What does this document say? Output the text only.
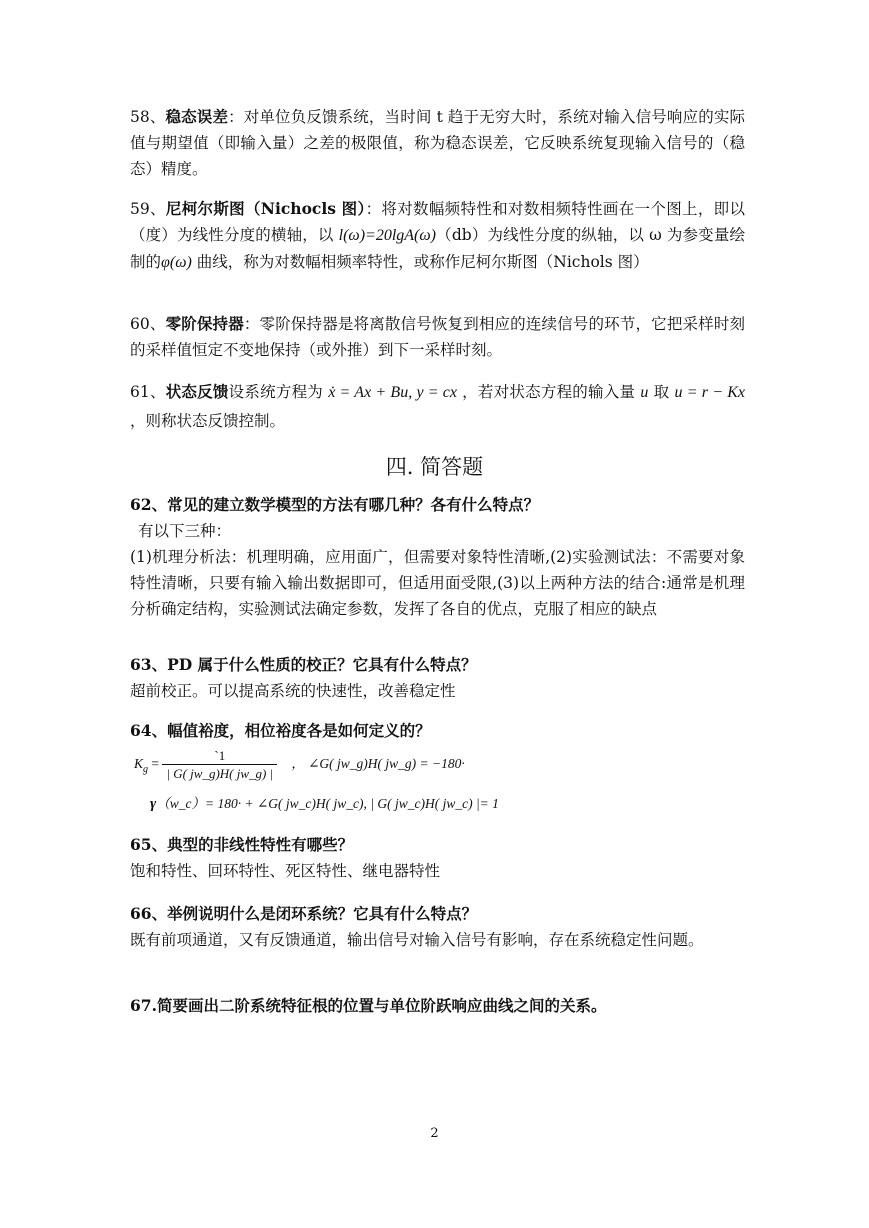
58、稳态误差：对单位负反馈系统，当时间 t 趋于无穷大时，系统对输入信号响应的实际值与期望值（即输入量）之差的极限值，称为稳态误差，它反映系统复现输入信号的（稳态）精度。
59、尼柯尔斯图（Nichocls 图）：将对数幅频特性和对数相频特性画在一个图上，即以（度）为线性分度的横轴，以 l(ω)=20lgA(ω)（db）为线性分度的纵轴，以 ω 为参变量绘制的φ(ω) 曲线，称为对数幅相频率特性，或称作尼柯尔斯图（Nichols 图）
60、零阶保持器：零阶保持器是将离散信号恢复到相应的连续信号的环节，它把采样时刻的采样值恒定不变地保持（或外推）到下一采样时刻。
61、状态反馈设系统方程为 ẋ = Ax + Bu, y = cx ，若对状态方程的输入量 u 取 u = r − Kx ，则称状态反馈控制。
四. 简答题
62、常见的建立数学模型的方法有哪几种？各有什么特点？
有以下三种：
(1)机理分析法：机理明确，应用面广，但需要对象特性清晰,(2)实验测试法：不需要对象特性清晰，只要有输入输出数据即可，但适用面受限,(3)以上两种方法的结合:通常是机理分析确定结构，实验测试法确定参数，发挥了各自的优点，克服了相应的缺点
63、PD 属于什么性质的校正？它具有什么特点？
超前校正。可以提高系统的快速性，改善稳定性
64、幅值裕度，相位裕度各是如何定义的？
$K_g = \frac{`1}{| G( jw\_g)H( jw\_g) |}$ ， ∠G( jw_g)H( jw_g) = −180·
γ（w_c）= 180· + ∠G( jw_c)H( jw_c), | G( jw_c)H( jw_c) |= 1
65、典型的非线性特性有哪些？
饱和特性、回环特性、死区特性、继电器特性
66、举例说明什么是闭环系统？它具有什么特点？
既有前项通道，又有反馈通道，输出信号对输入信号有影响，存在系统稳定性问题。
67.简要画出二阶系统特征根的位置与单位阶跃响应曲线之间的关系。
2
